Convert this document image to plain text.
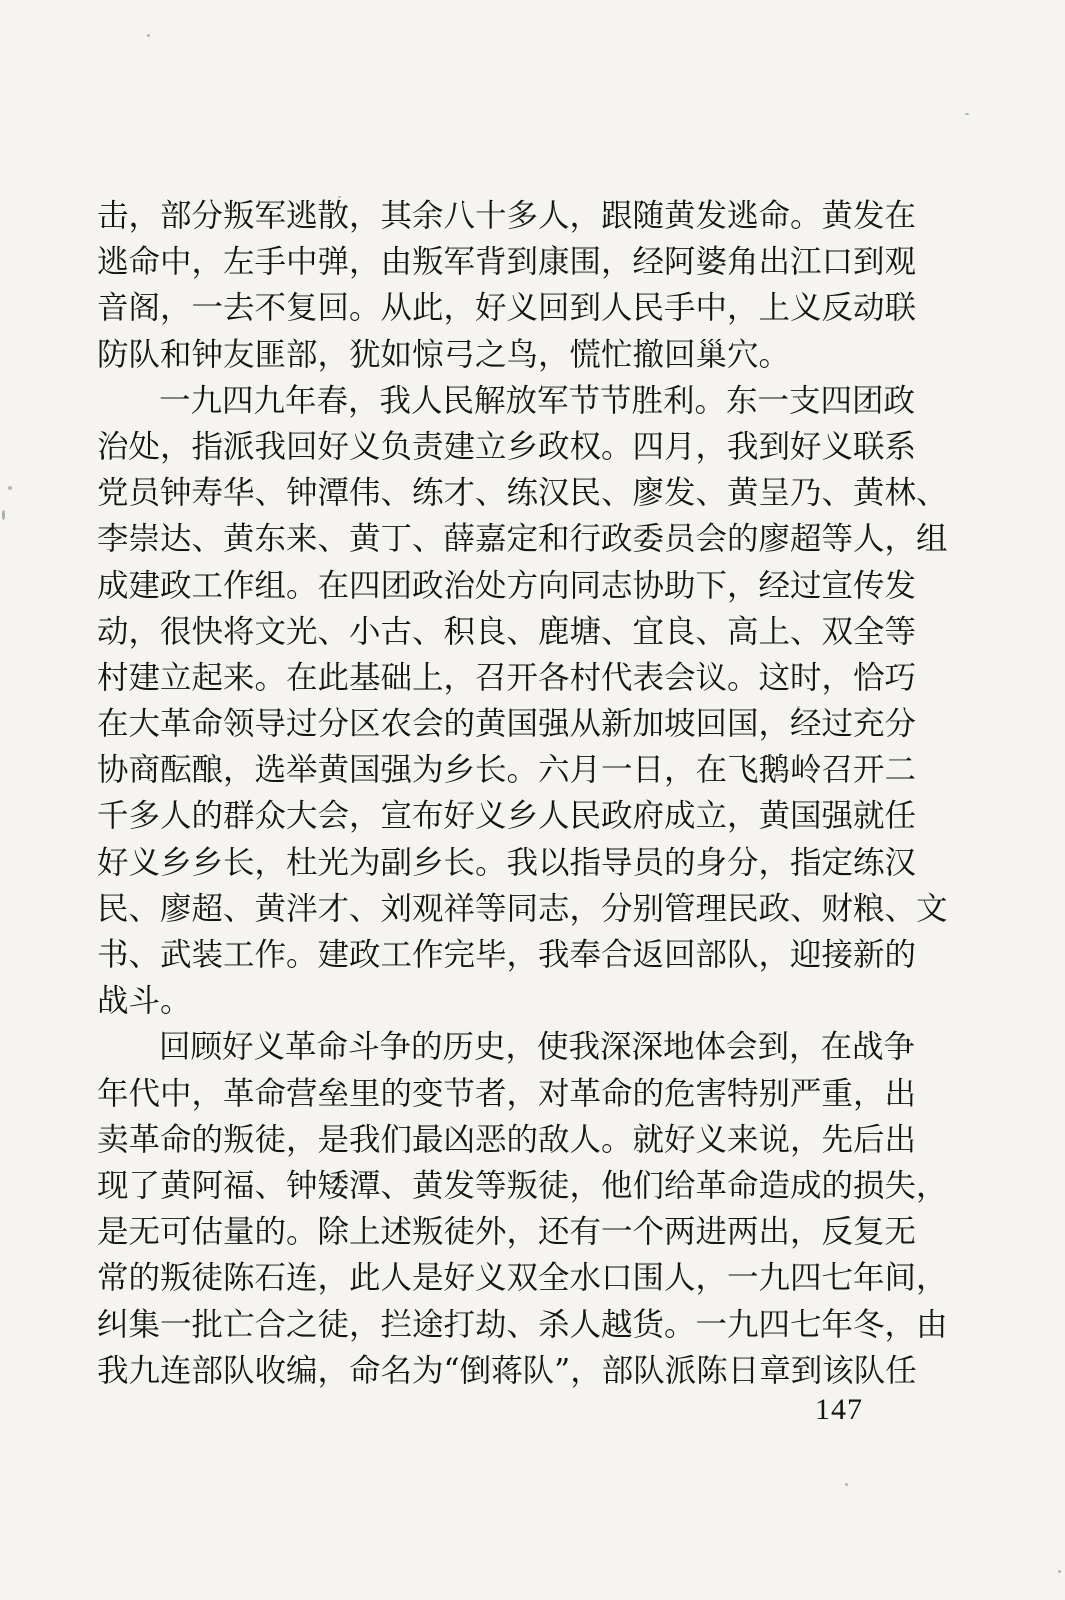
击，部分叛军逃散，其余八十多人，跟随黄发逃命。黄发在
逃命中，左手中弹，由叛军背到康围，经阿婆角出江口到观
音阁，一去不复回。从此，好义回到人民手中，上义反动联
防队和钟友匪部，犹如惊弓之鸟，慌忙撤回巢穴。
一九四九年春，我人民解放军节节胜利。东一支四团政
治处，指派我回好义负责建立乡政权。四月，我到好义联系
党员钟寿华、钟潭伟、练才、练汉民、廖发、黄呈乃、黄林、
李崇达、黄东来、黄丁、薛嘉定和行政委员会的廖超等人，组
成建政工作组。在四团政治处方向同志协助下，经过宣传发
动，很快将文光、小古、积良、鹿塘、宜良、高上、双全等
村建立起来。在此基础上，召开各村代表会议。这时，恰巧
在大革命领导过分区农会的黄国强从新加坡回国，经过充分
协商酝酿，选举黄国强为乡长。六月一日，在飞鹅岭召开二
千多人的群众大会，宣布好义乡人民政府成立，黄国强就任
好义乡乡长，杜光为副乡长。我以指导员的身分，指定练汉
民、廖超、黄泮才、刘观祥等同志，分别管理民政、财粮、文
书、武装工作。建政工作完毕，我奉合返回部队，迎接新的
战斗。
回顾好义革命斗争的历史，使我深深地体会到，在战争
年代中，革命营垒里的变节者，对革命的危害特别严重，出
卖革命的叛徒，是我们最凶恶的敌人。就好义来说，先后出
现了黄阿福、钟矮潭、黄发等叛徒，他们给革命造成的损失，
是无可估量的。除上述叛徒外，还有一个两进两出，反复无
常的叛徒陈石连，此人是好义双全水口围人，一九四七年间，
纠集一批亡合之徒，拦途打劫、杀人越货。一九四七年冬，由
我九连部队收编，命名为“倒蒋队”，部队派陈日章到该队任
147
